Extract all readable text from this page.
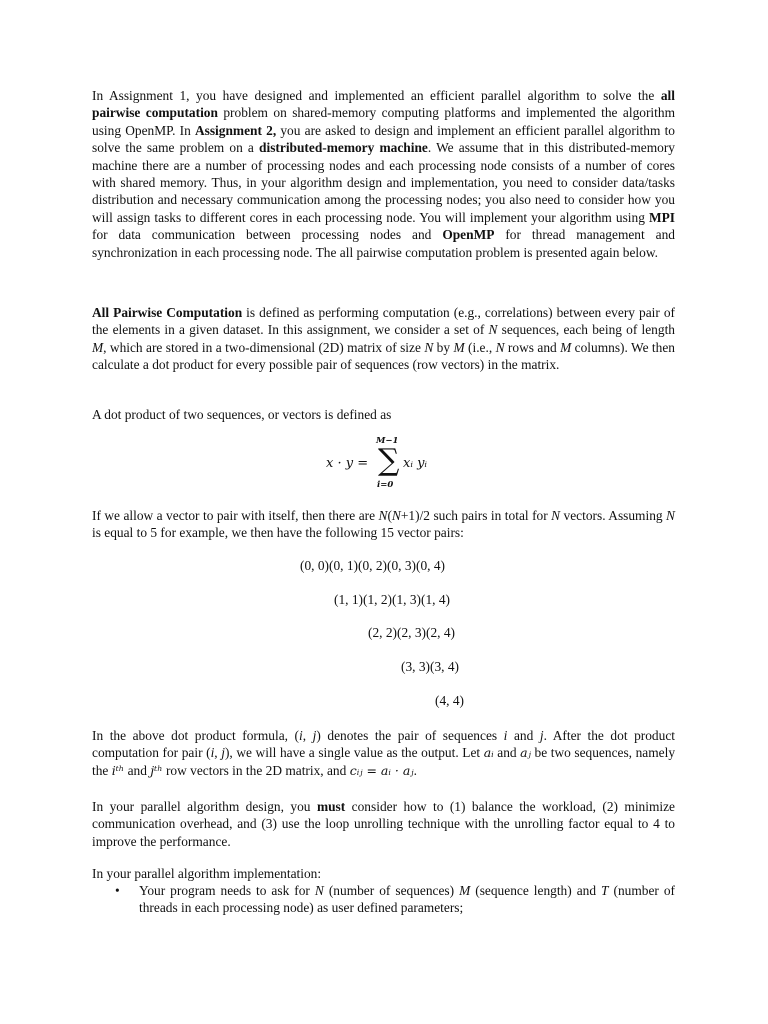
In Assignment 1, you have designed and implemented an efficient parallel algorithm to solve the all pairwise computation problem on shared-memory computing platforms and implemented the algorithm using OpenMP. In Assignment 2, you are asked to design and implement an efficient parallel algorithm to solve the same problem on a distributed-memory machine. We assume that in this distributed-memory machine there are a number of processing nodes and each processing node consists of a number of cores with shared memory. Thus, in your algorithm design and implementation, you need to consider data/tasks distribution and necessary communication among the processing nodes; you also need to consider how you will assign tasks to different cores in each processing node. You will implement your algorithm using MPI for data communication between processing nodes and OpenMP for thread management and synchronization in each processing node. The all pairwise computation problem is presented again below.

All Pairwise Computation is defined as performing computation (e.g., correlations) between every pair of the elements in a given dataset. In this assignment, we consider a set of N sequences, each being of length M, which are stored in a two-dimensional (2D) matrix of size N by M (i.e., N rows and M columns). We then calculate a dot product for every possible pair of sequences (row vectors) in the matrix.

A dot product of two sequences, or vectors is defined as

x · y =
M−1
∑
i=0
xᵢ yᵢ

If we allow a vector to pair with itself, then there are N(N+1)/2 such pairs in total for N vectors. Assuming N is equal to 5 for example, we then have the following 15 vector pairs:

(0, 0)(0, 1)(0, 2)(0, 3)(0, 4)

(1, 1)(1, 2)(1, 3)(1, 4)

(2, 2)(2, 3)(2, 4)

(3, 3)(3, 4)

(4, 4)

In the above dot product formula, (i, j) denotes the pair of sequences i and j. After the dot product computation for pair (i, j), we will have a single value as the output. Let aᵢ and aⱼ be two sequences, namely the iᵗʰ and jᵗʰ row vectors in the 2D matrix, and cᵢⱼ = aᵢ · aⱼ.

In your parallel algorithm design, you must consider how to (1) balance the workload, (2) minimize communication overhead, and (3) use the loop unrolling technique with the unrolling factor equal to 4 to improve the performance.

In your parallel algorithm implementation:

• Your program needs to ask for N (number of sequences) M (sequence length) and T (number of threads in each processing node) as user defined parameters;
